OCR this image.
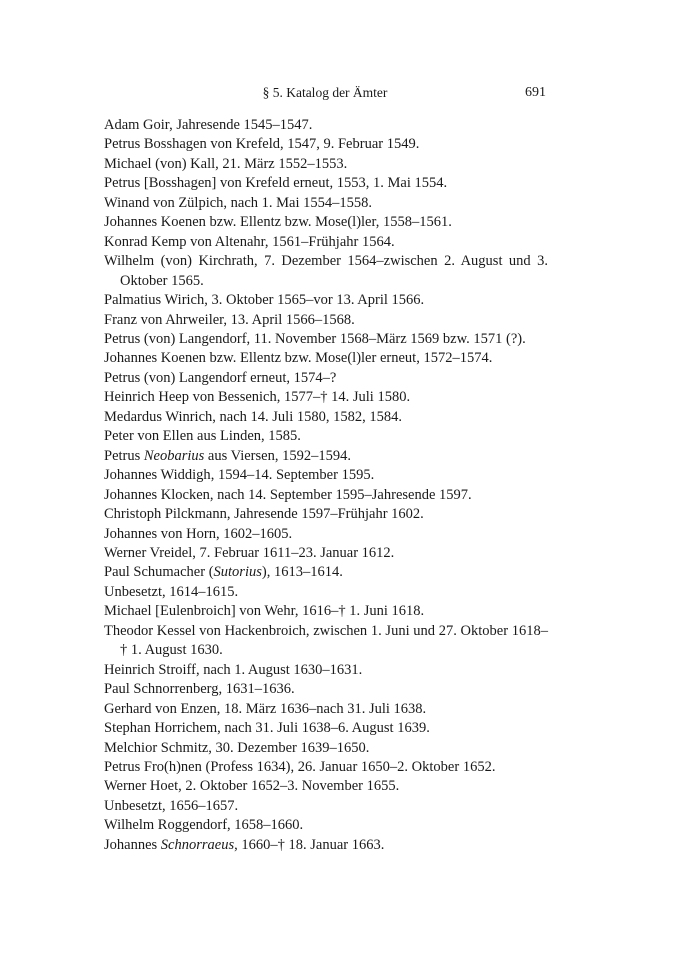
§ 5. Katalog der Ämter	691
Adam Goir, Jahresende 1545–1547.
Petrus Bosshagen von Krefeld, 1547, 9. Februar 1549.
Michael (von) Kall, 21. März 1552–1553.
Petrus [Bosshagen] von Krefeld erneut, 1553, 1. Mai 1554.
Winand von Zülpich, nach 1. Mai 1554–1558.
Johannes Koenen bzw. Ellentz bzw. Mose(l)ler, 1558–1561.
Konrad Kemp von Altenahr, 1561–Frühjahr 1564.
Wilhelm (von) Kirchrath, 7. Dezember 1564–zwischen 2. August und 3. Oktober 1565.
Palmatius Wirich, 3. Oktober 1565–vor 13. April 1566.
Franz von Ahrweiler, 13. April 1566–1568.
Petrus (von) Langendorf, 11. November 1568–März 1569 bzw. 1571 (?).
Johannes Koenen bzw. Ellentz bzw. Mose(l)ler erneut, 1572–1574.
Petrus (von) Langendorf erneut, 1574–?
Heinrich Heep von Bessenich, 1577–† 14. Juli 1580.
Medardus Winrich, nach 14. Juli 1580, 1582, 1584.
Peter von Ellen aus Linden, 1585.
Petrus Neobarius aus Viersen, 1592–1594.
Johannes Widdigh, 1594–14. September 1595.
Johannes Klocken, nach 14. September 1595–Jahresende 1597.
Christoph Pilckmann, Jahresende 1597–Frühjahr 1602.
Johannes von Horn, 1602–1605.
Werner Vreidel, 7. Februar 1611–23. Januar 1612.
Paul Schumacher (Sutorius), 1613–1614.
Unbesetzt, 1614–1615.
Michael [Eulenbroich] von Wehr, 1616–† 1. Juni 1618.
Theodor Kessel von Hackenbroich, zwischen 1. Juni und 27. Oktober 1618–† 1. August 1630.
Heinrich Stroiff, nach 1. August 1630–1631.
Paul Schnorrenberg, 1631–1636.
Gerhard von Enzen, 18. März 1636–nach 31. Juli 1638.
Stephan Horrichem, nach 31. Juli 1638–6. August 1639.
Melchior Schmitz, 30. Dezember 1639–1650.
Petrus Fro(h)nen (Profess 1634), 26. Januar 1650–2. Oktober 1652.
Werner Hoet, 2. Oktober 1652–3. November 1655.
Unbesetzt, 1656–1657.
Wilhelm Roggendorf, 1658–1660.
Johannes Schnorraeus, 1660–† 18. Januar 1663.
